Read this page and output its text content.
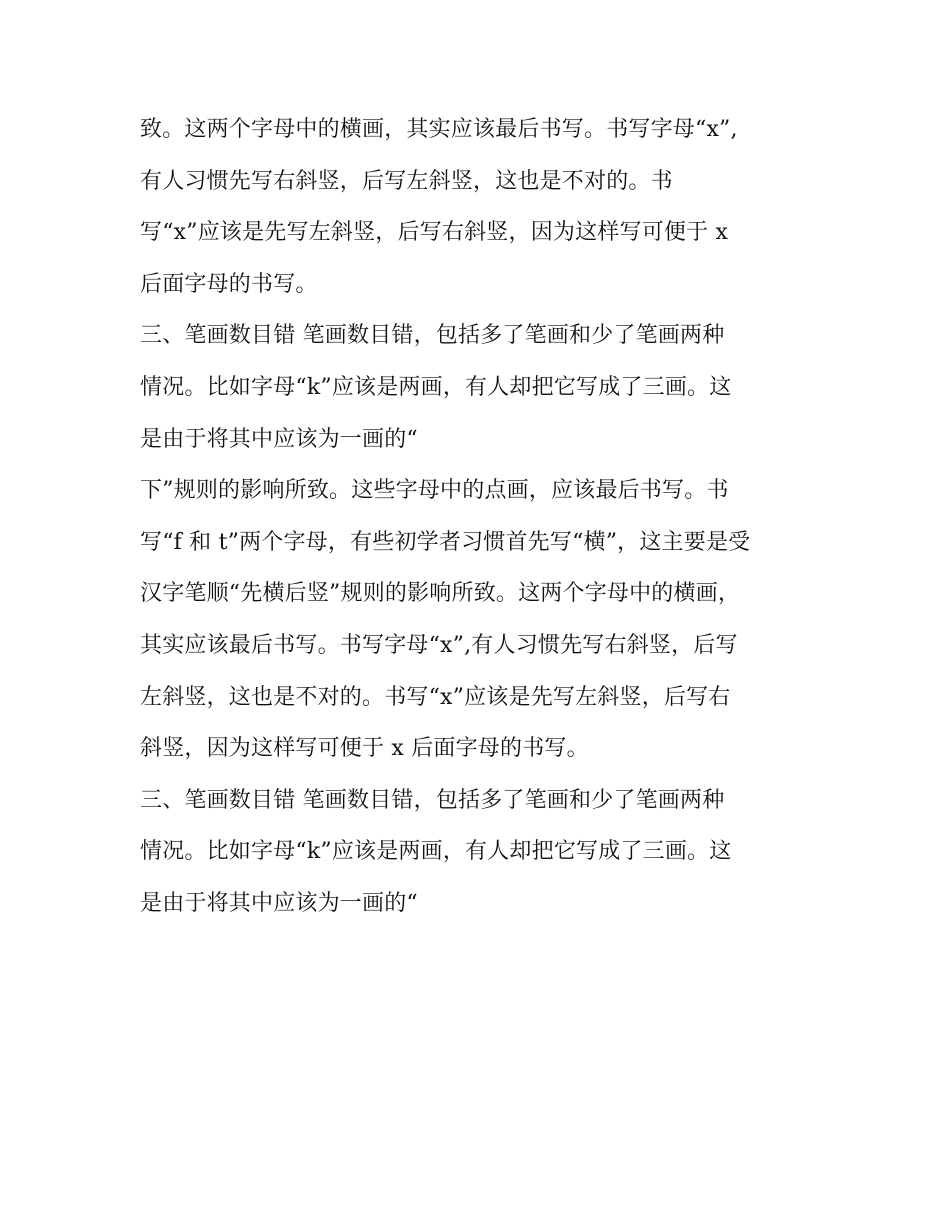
致。这两个字母中的横画，其实应该最后书写。书写字母“x”,
有人习惯先写右斜竖，后写左斜竖，这也是不对的。书
写“x”应该是先写左斜竖，后写右斜竖，因为这样写可便于 x
后面字母的书写。
三、笔画数目错 笔画数目错，包括多了笔画和少了笔画两种
情况。比如字母“k”应该是两画，有人却把它写成了三画。这
是由于将其中应该为一画的“
下”规则的影响所致。这些字母中的点画，应该最后书写。书
写“f 和 t”两个字母，有些初学者习惯首先写“横”，这主要是受
汉字笔顺“先横后竖”规则的影响所致。这两个字母中的横画，
其实应该最后书写。书写字母“x”,有人习惯先写右斜竖，后写
左斜竖，这也是不对的。书写“x”应该是先写左斜竖，后写右
斜竖，因为这样写可便于 x 后面字母的书写。
三、笔画数目错 笔画数目错，包括多了笔画和少了笔画两种
情况。比如字母“k”应该是两画，有人却把它写成了三画。这
是由于将其中应该为一画的“
